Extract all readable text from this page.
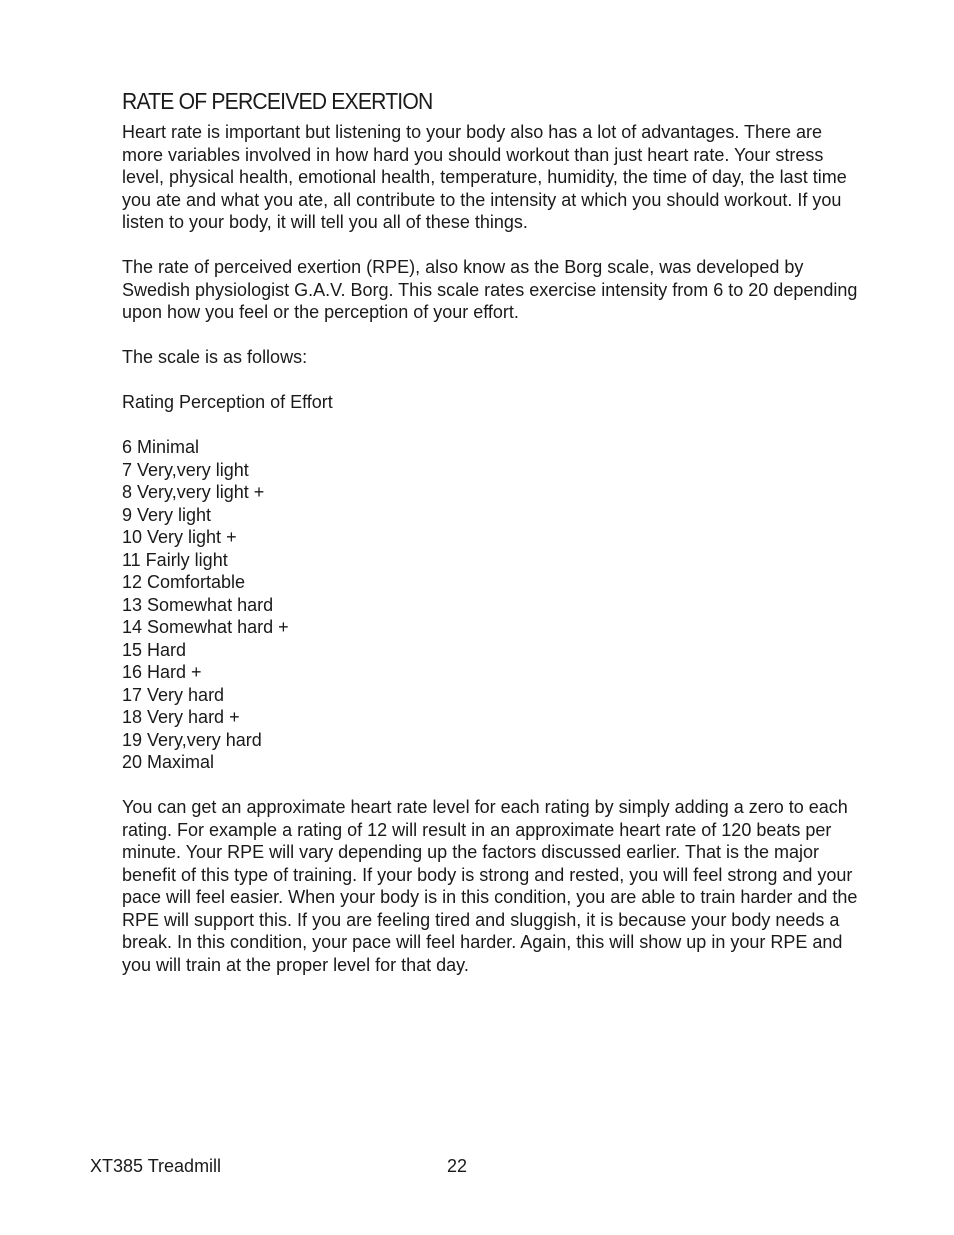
RATE OF PERCEIVED EXERTION

Heart rate is important but listening to your body also has a lot of advantages. There are more variables involved in how hard you should workout than just heart rate. Your stress level, physical health, emotional health, temperature, humidity, the time of day, the last time you ate and what you ate, all contribute to the intensity at which you should workout. If you listen to your body, it will tell you all of these things.

The rate of perceived exertion (RPE), also know as the Borg scale, was developed by Swedish physiologist G.A.V. Borg. This scale rates exercise intensity from 6 to 20 depending upon how you feel or the perception of your effort.

The scale is as follows:

Rating Perception of Effort

6 Minimal
7 Very,very light
8 Very,very light +
9 Very light
10 Very light +
11 Fairly light
12 Comfortable
13 Somewhat hard
14 Somewhat hard +
15 Hard
16 Hard +
17 Very hard
18 Very hard +
19 Very,very hard
20 Maximal

You can get an approximate heart rate level for each rating by simply adding a zero to each rating. For example a rating of 12 will result in an approximate heart rate of 120 beats per minute. Your RPE will vary depending up the factors discussed earlier. That is the major benefit of this type of training. If your body is strong and rested, you will feel strong and your pace will feel easier. When your body is in this condition, you are able to train harder and the RPE will support this. If you are feeling tired and sluggish, it is because your body needs a break. In this condition, your pace will feel harder. Again, this will show up in your RPE and you will train at the proper level for that day.

XT385 Treadmill	22
